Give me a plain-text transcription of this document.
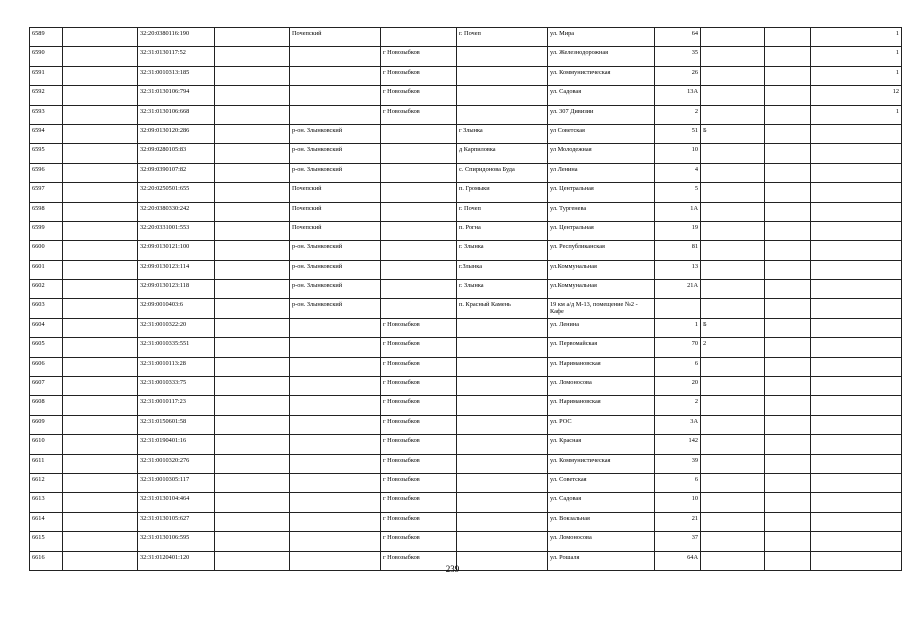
6589		32:20:0380116:190		Почепский		г. Почеп	ул. Мира	64			1

6590		32:31:0130117:52			г Новозыбков		ул. Железнодорожная	35			1

6591		32:31:0010313:185			г Новозыбков		ул. Коммунистическая	26			1

6592		32:31:0130106:794			г Новозыбков		ул. Садовая	13А			12

6593		32:31:0130106:668			г Новозыбков		ул. 307 Дивизии	2			1

6594		32:09:0130120:286		р-он. Злынковский		г Злынка	ул Советская	51	Б		

6595		32:09:0280105:83		р-он. Злынковский		д Карпиловка	ул Молодежная	10			

6596		32:09:0390107:82		р-он. Злынковский		с. Спиридонова Буда	ул Ленина	4			

6597		32:20:0250501:655		Почепский		п. Громыки	ул. Центральная	5			

6598		32:20:0380330:242		Почепский		г. Почеп	ул. Тургенева	1А			

6599		32:20:0331001:553		Почепский		п. Рогна	ул. Центральная	19			

6600		32:09:0130121:100		р-он. Злынковский		г. Злынка	ул. Республиканская	81			

6601		32:09:0130123:114		р-он. Злынковский		г.Злынка	ул.Коммунальная	13			

6602		32:09:0130123:118		р-он. Злынковский		г. Злынка	ул.Коммунальная	21А			

6603		32:09:0010403:6		р-он. Злынковский		п. Красный Камень	19 км а/д М-13, помещение №2 - Кафе				

6604		32:31:0010322:20			г Новозыбков		ул. Ленина	1	Б		

6605		32:31:0010335:551			г Новозыбков		ул. Первомайская	70	2		

6606		32:31:0010113:28			г Новозыбков		ул. Наримановская	6			

6607		32:31:0010333:75			г Новозыбков		ул. Ломоносова	20			

6608		32:31:0010117:23			г Новозыбков		ул. Наримановская	2			

6609		32:31:0150601:58			г Новозыбков		ул. РОС	3А			

6610		32:31:0190401:16			г Новозыбков		ул. Красная	142			

6611		32:31:0010320:276			г Новозыбков		ул. Коммунистическая	39			

6612		32:31:0010305:117			г Новозыбков		ул. Советская	6			

6613		32:31:0130104:464			г Новозыбков		ул. Садовая	10			

6614		32:31:0130105:627			г Новозыбков		ул. Вокзальная	21			

6615		32:31:0130106:595			г Новозыбков		ул. Ломоносова	37			

6616		32:31:0120401:120			г Новозыбков		ул. Рошаля	64А			

239
